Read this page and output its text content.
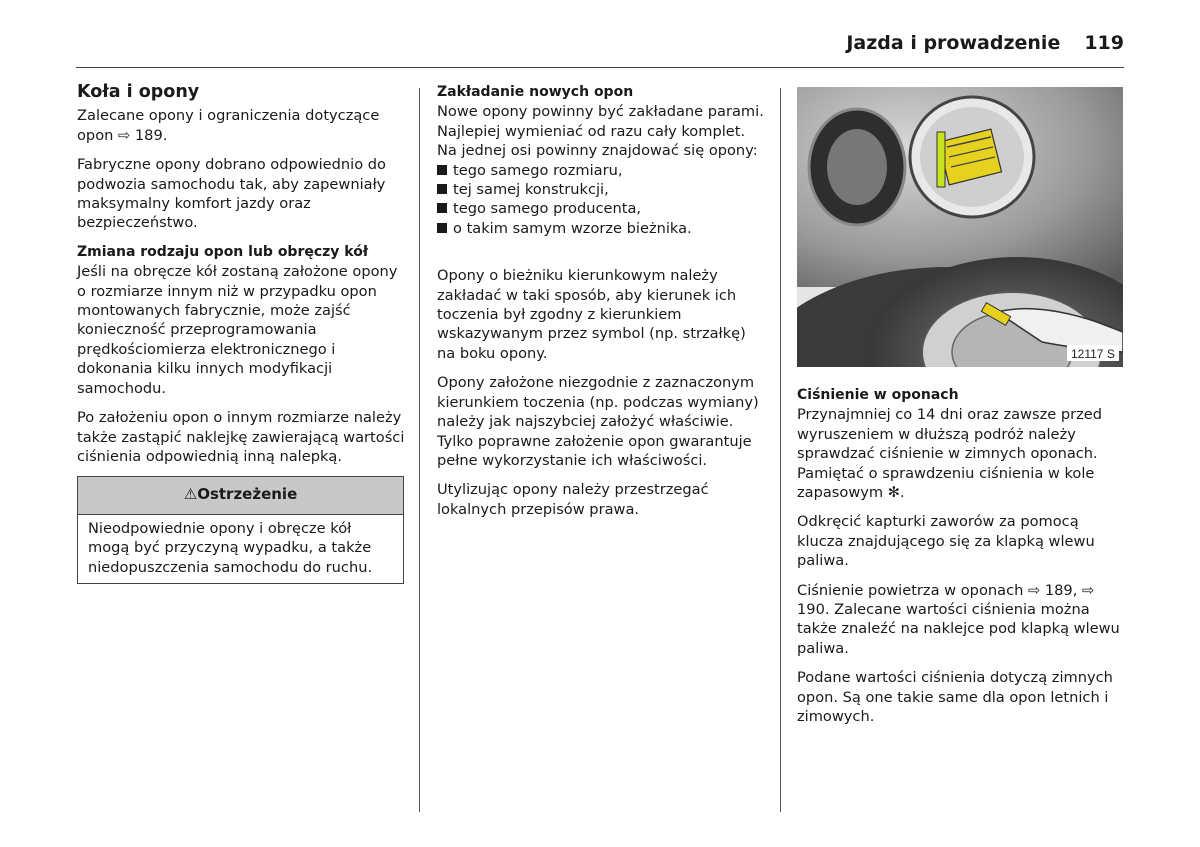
Jazda i prowadzenie 119
Koła i opony

Zalecane opony i ograniczenia dotyczące opon ⇨ 189.

Fabryczne opony dobrano odpowiednio do podwozia samochodu tak, aby zapewniały maksymalny komfort jazdy oraz bezpieczeństwo.

Zmiana rodzaju opon lub obręczy kół
Jeśli na obręcze kół zostaną założone opony o rozmiarze innym niż w przypadku opon montowanych fabrycznie, może zajść konieczność przeprogramowania prędkościomierza elektronicznego i dokonania kilku innych modyfikacji samochodu.

Po założeniu opon o innym rozmiarze należy także zastąpić naklejkę zawierającą wartości ciśnienia odpowiednią inną nalepką.

⚠Ostrzeżenie
Nieodpowiednie opony i obręcze kół mogą być przyczyną wypadku, a także niedopuszczenia samochodu do ruchu.

Zakładanie nowych opon
Nowe opony powinny być zakładane parami. Najlepiej wymieniać od razu cały komplet. Na jednej osi powinny znajdować się opony:
tego samego rozmiaru,
tej samej konstrukcji,
tego samego producenta,
o takim samym wzorze bieżnika.

Opony o bieżniku kierunkowym należy zakładać w taki sposób, aby kierunek ich toczenia był zgodny z kierunkiem wskazywanym przez symbol (np. strzałkę) na boku opony.

Opony założone niezgodnie z zaznaczonym kierunkiem toczenia (np. podczas wymiany) należy jak najszybciej założyć właściwie. Tylko poprawne założenie opon gwarantuje pełne wykorzystanie ich właściwości.

Utylizując opony należy przestrzegać lokalnych przepisów prawa.

12117 S

Ciśnienie w oponach
Przynajmniej co 14 dni oraz zawsze przed wyruszeniem w dłuższą podróż należy sprawdzać ciśnienie w zimnych oponach. Pamiętać o sprawdzeniu ciśnienia w kole zapasowym ✻.

Odkręcić kapturki zaworów za pomocą klucza znajdującego się za klapką wlewu paliwa.

Ciśnienie powietrza w oponach ⇨ 189, ⇨ 190. Zalecane wartości ciśnienia można także znaleźć na naklejce pod klapką wlewu paliwa.

Podane wartości ciśnienia dotyczą zimnych opon. Są one takie same dla opon letnich i zimowych.
